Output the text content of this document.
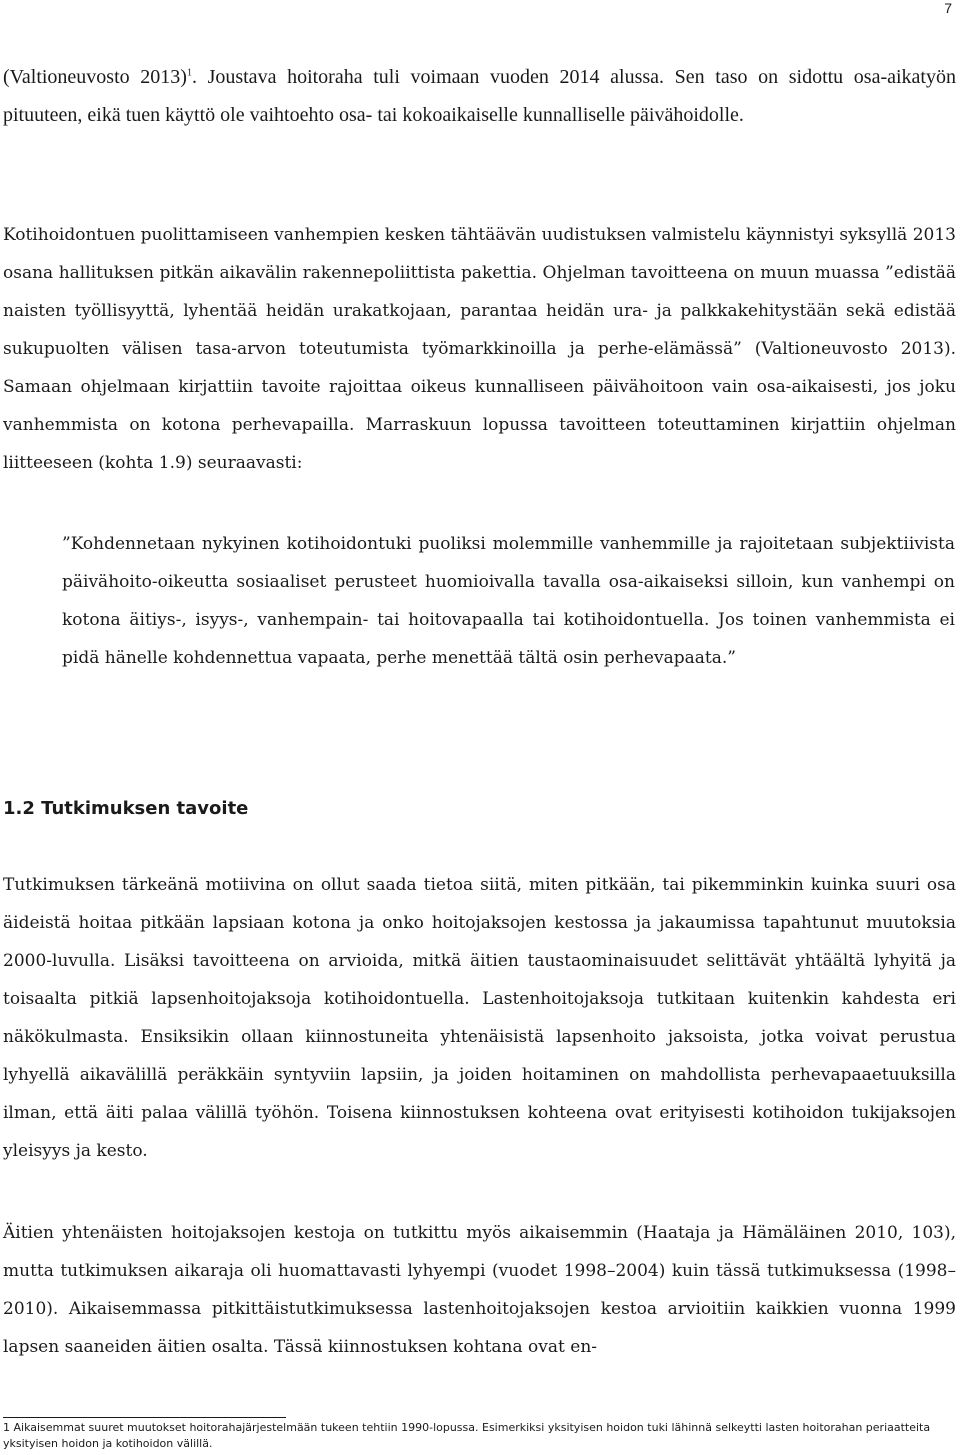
7

(Valtioneuvosto 2013)$^1$. Joustava hoitoraha tuli voimaan vuoden 2014 alussa. Sen taso on sidottu osa-aikatyön pituuteen, eikä tuen käyttö ole vaihtoehto osa- tai kokoaikaiselle kunnalliselle päivähoidolle.

Kotihoidontuen puolittamiseen vanhempien kesken tähtäävän uudistuksen valmistelu käynnistyi syksyllä 2013 osana hallituksen pitkän aikavälin rakennepoliittista pakettia. Ohjelman tavoitteena on muun muassa ”edistää naisten työllisyyttä, lyhentää heidän urakatkojaan, parantaa heidän ura- ja palkkakehitystään sekä edistää sukupuolten välisen tasa-arvon toteutumista työmarkkinoilla ja perhe-elämässä” (Valtioneuvosto 2013). Samaan ohjelmaan kirjattiin tavoite rajoittaa oikeus kunnalliseen päivähoitoon vain osa-aikaisesti, jos joku vanhemmista on kotona perhevapailla. Marraskuun lopussa tavoitteen toteuttaminen kirjattiin ohjelman liitteeseen (kohta 1.9) seuraavasti:

”Kohdennetaan nykyinen kotihoidontuki puoliksi molemmille vanhemmille ja rajoitetaan subjektiivista päivähoito-oikeutta sosiaaliset perusteet huomioivalla tavalla osa-aikaiseksi silloin, kun vanhempi on kotona äitiys-, isyys-, vanhempain- tai hoitovapaalla tai kotihoidontuella. Jos toinen vanhemmista ei pidä hänelle kohdennettua vapaata, perhe menettää tältä osin perhevapaata.”

1.2 Tutkimuksen tavoite

Tutkimuksen tärkeänä motiivina on ollut saada tietoa siitä, miten pitkään, tai pikemminkin kuinka suuri osa äideistä hoitaa pitkään lapsiaan kotona ja onko hoitojaksojen kestossa ja jakaumissa tapahtunut muutoksia 2000-luvulla. Lisäksi tavoitteena on arvioida, mitkä äitien taustaominaisuudet selittävät yhtäältä lyhyitä ja toisaalta pitkiä lapsenhoitojaksoja kotihoidontuella. Lastenhoitojaksoja tutkitaan kuitenkin kahdesta eri näkökulmasta. Ensiksikin ollaan kiinnostuneita yhtenäisistä lapsenhoito jaksoista, jotka voivat perustua lyhyellä aikavälillä peräkkäin syntyviin lapsiin, ja joiden hoitaminen on mahdollista perhevapaaetuuksilla ilman, että äiti palaa välillä työhön. Toisena kiinnostuksen kohteena ovat erityisesti kotihoidon tukijaksojen yleisyys ja kesto.

Äitien yhtenäisten hoitojaksojen kestoja on tutkittu myös aikaisemmin (Haataja ja Hämäläinen 2010, 103), mutta tutkimuksen aikaraja oli huomattavasti lyhyempi (vuodet 1998–2004) kuin tässä tutkimuksessa (1998–2010). Aikaisemmassa pitkittäistutkimuksessa lastenhoitojaksojen kestoa arvioitiin kaikkien vuonna 1999 lapsen saaneiden äitien osalta. Tässä kiinnostuksen kohtana ovat en-

1 Aikaisemmat suuret muutokset hoitorahajärjestelmään tukeen tehtiin 1990-lopussa. Esimerkiksi yksityisen hoidon tuki lähinnä selkeytti lasten hoitorahan periaatteita yksityisen hoidon ja kotihoidon välillä.
